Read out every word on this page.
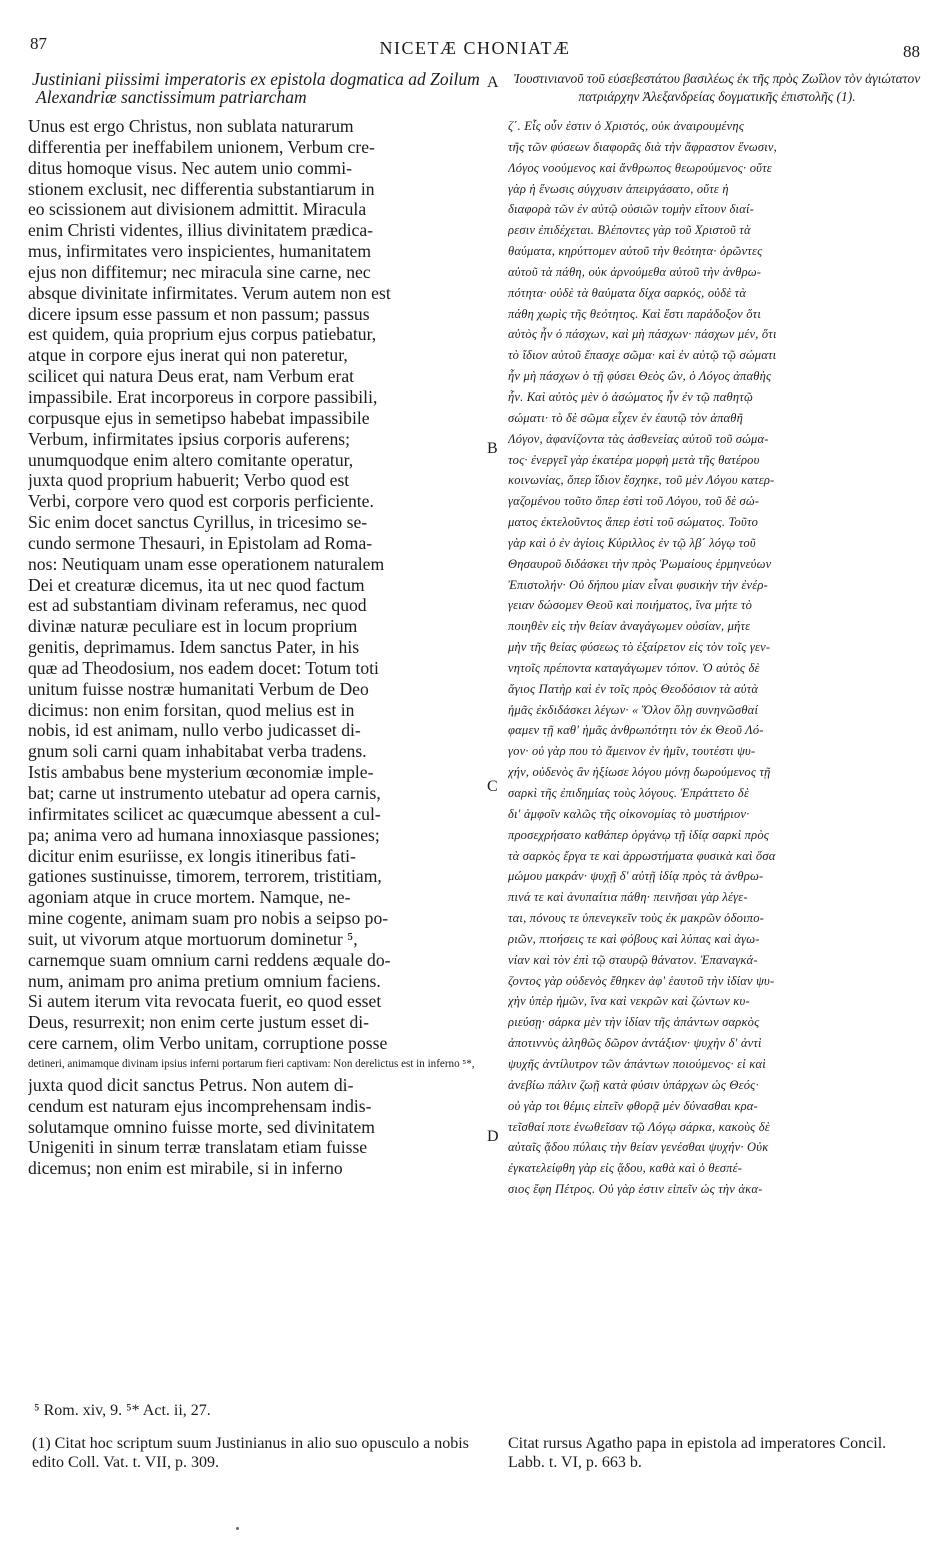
87	NICETÆ CHONIATÆ	88
Justiniani piissimi imperatoris ex epistola dogmatica ad Zoilum Alexandriæ sanctissimum patriarcham
Unus est ergo Christus, non sublata naturarum
differentia per ineffabilem unionem, Verbum cre-
ditus homoque visus. Nec autem unio commi-
stionem exclusit, nec differentia substantiarum in
eo scissionem aut divisionem admittit. Miracula
enim Christi videntes, illius divinitatem prædica-
mus, infirmitates vero inspicientes, humanitatem
ejus non diffitemur; nec miracula sine carne, nec
absque divinitate infirmitates. Verum autem non est
dicere ipsum esse passum et non passum; passus
est quidem, quia proprium ejus corpus patiebatur,
atque in corpore ejus inerat qui non pateretur,
scilicet qui natura Deus erat, nam Verbum erat
impassibile. Erat incorporeus in corpore passibili,
corpusque ejus in semetipso habebat impassibile
Verbum, infirmitates ipsius corporis auferens;
unumquodque enim altero comitante operatur,
juxta quod proprium habuerit; Verbo quod est
Verbi, corpore vero quod est corporis perficiente.
Sic enim docet sanctus Cyrillus, in tricesimo se-
cundo sermone Thesauri, in Epistolam ad Roma-
nos: Neutiquam unam esse operationem naturalem
Dei et creaturæ dicemus, ita ut nec quod factum
est ad substantiam divinam referamus, nec quod
divinæ naturæ peculiare est in locum proprium
genitis, deprimamus. Idem sanctus Pater, in his
quæ ad Theodosium, nos eadem docet: Totum toti
unitum fuisse nostræ humanitati Verbum de Deo
dicimus: non enim forsitan, quod melius est in
nobis, id est animam, nullo verbo judicasset di-
gnum soli carni quam inhabitabat verba tradens.
Istis ambabus bene mysterium œconomiæ imple-
bat; carne ut instrumento utebatur ad opera carnis,
infirmitates scilicet ac quæcumque abessent a cul-
pa; anima vero ad humana innoxiasque passiones;
dicitur enim esuriisse, ex longis itineribus fati-
gationes sustinuisse, timorem, terrorem, tristitiam,
agoniam atque in cruce mortem. Namque, ne-
mine cogente, animam suam pro nobis a seipso po-
suit, ut vivorum atque mortuorum dominetur ⁵,
carnemque suam omnium carni reddens æquale do-
num, animam pro anima pretium omnium faciens.
Si autem iterum vita revocata fuerit, eo quod esset
Deus, resurrexit; non enim certe justum esset di-
cere carnem, olim Verbo unitam, corruptione posse
detineri, animamque divinam ipsius inferni portarum fieri captivam: Non derelictus est in inferno ⁵*,
juxta quod dicit sanctus Petrus. Non autem di-
cendum est naturam ejus incomprehensam indis-
solutamque omnino fuisse morte, sed divinitatem
Unigeniti in sinum terræ translatam etiam fuisse
dicemus; non enim est mirabile, si in inferno
Ἰουστινιανοῦ τοῦ εὐσεβεστάτου βασιλέως ἐκ τῆς πρὸς Ζωΐλον τὸν ἁγιώτατον πατριάρχην Ἀλεξανδρείας δογματικῆς ἐπιστολῆς (1).
ζ΄. Εἷς οὖν ἐστιν ὁ Χριστός, οὐκ ἀναιρουμένης
τῆς τῶν φύσεων διαφορᾶς διὰ τὴν ἄφραστον ἕνωσιν,
Λόγος νοούμενος καὶ ἄνθρωπος θεωρούμενος· οὔτε
γὰρ ἡ ἕνωσις σύγχυσιν ἀπειργάσατο, οὔτε ἡ
διαφορὰ τῶν ἐν αὐτῷ οὐσιῶν τομὴν εἴτουν διαί-
ρεσιν ἐπιδέχεται. Βλέποντες γὰρ τοῦ Χριστοῦ τὰ
θαύματα, κηρύττομεν αὐτοῦ τὴν θεότητα· ὁρῶντες
αὐτοῦ τὰ πάθη, οὐκ ἀρνούμεθα αὐτοῦ τὴν ἀνθρω-
πότητα· οὐδὲ τὰ θαύματα δίχα σαρκός, οὐδὲ τὰ
πάθη χωρὶς τῆς θεότητος. Καὶ ἔστι παράδοξον ὅτι
αὐτὸς ἦν ὁ πάσχων, καὶ μὴ πάσχων· πάσχων μέν, ὅτι
τὸ ἴδιον αὐτοῦ ἔπασχε σῶμα· καὶ ἐν αὐτῷ τῷ σώματι
ἦν μὴ πάσχων ὁ τῇ φύσει Θεὸς ὤν, ὁ Λόγος ἀπαθὴς
ἦν. Καὶ αὐτὸς μὲν ὁ ἀσώματος ἦν ἐν τῷ παθητῷ
σώματι· τὸ δὲ σῶμα εἶχεν ἐν ἑαυτῷ τὸν ἀπαθῆ
Λόγον, ἀφανίζοντα τὰς ἀσθενείας αὐτοῦ τοῦ σώμα-
τος· ἐνεργεῖ γὰρ ἑκατέρα μορφὴ μετὰ τῆς θατέρου
κοινωνίας, ὅπερ ἴδιον ἔσχηκε, τοῦ μὲν Λόγου κατερ-
γαζομένου τοῦτο ὅπερ ἐστὶ τοῦ Λόγου, τοῦ δὲ σώ-
ματος ἐκτελοῦντος ἅπερ ἐστὶ τοῦ σώματος. Τοῦτο
γὰρ καὶ ὁ ἐν ἁγίοις Κύριλλος ἐν τῷ λβ΄ λόγῳ τοῦ
Θησαυροῦ διδάσκει τὴν πρὸς Ῥωμαίους ἑρμηνεύων
Ἐπιστολήν· Οὐ δήπου μίαν εἶναι φυσικὴν τὴν ἐνέρ-
γειαν δώσομεν Θεοῦ καὶ ποιήματος, ἵνα μήτε τὸ
ποιηθὲν εἰς τὴν θείαν ἀναγάγωμεν οὐσίαν, μήτε
μὴν τῆς θείας φύσεως τὸ ἐξαίρετον εἰς τὸν τοῖς γεν-
νητοῖς πρέποντα καταγάγωμεν τόπον. Ὁ αὐτὸς δὲ
ἅγιος Πατὴρ καὶ ἐν τοῖς πρὸς Θεοδόσιον τὰ αὐτὰ
ἡμᾶς ἐκδιδάσκει λέγων· « Ὅλον ὅλῃ συνηνῶσθαί
φαμεν τῇ καθ' ἡμᾶς ἀνθρωπότητι τὸν ἐκ Θεοῦ Λό-
γον· οὐ γὰρ που τὸ ἄμεινον ἐν ἡμῖν, τουτέστι ψυ-
χήν, οὐδενὸς ἂν ἠξίωσε λόγου μόνῃ δωρούμενος τῇ
σαρκὶ τῆς ἐπιδημίας τοὺς λόγους. Ἐπράττετο δὲ
δι' ἀμφοῖν καλῶς τῆς οἰκονομίας τὸ μυστήριον·
προσεχρήσατο καθάπερ ὀργάνῳ τῇ ἰδίᾳ σαρκὶ πρὸς
τὰ σαρκὸς ἔργα τε καὶ ἀρρωστήματα φυσικὰ καὶ ὅσα
μώμου μακράν· ψυχῇ δ' αὐτῇ ἰδίᾳ πρὸς τὰ ἀνθρω-
πινά τε καὶ ἀνυπαίτια πάθη· πεινῆσαι γὰρ λέγε-
ται, πόνους τε ὑπενεγκεῖν τοὺς ἐκ μακρῶν ὁδοιπο-
ριῶν, πτοήσεις τε καὶ φόβους καὶ λύπας καὶ ἀγω-
νίαν καὶ τὸν ἐπὶ τῷ σταυρῷ θάνατον. Ἐπαναγκά-
ζοντος γὰρ οὐδενὸς ἔθηκεν ἀφ' ἑαυτοῦ τὴν ἰδίαν ψυ-
χὴν ὑπὲρ ἡμῶν, ἵνα καὶ νεκρῶν καὶ ζώντων κυ-
ριεύσῃ· σάρκα μὲν τὴν ἰδίαν τῆς ἁπάντων σαρκὸς
ἀποτιννὺς ἀληθῶς δῶρον ἀντάξιον· ψυχὴν δ' ἀντὶ
ψυχῆς ἀντίλυτρον τῶν ἁπάντων ποιούμενος· εἰ καὶ
ἀνεβίω πάλιν ζωῇ κατὰ φύσιν ὑπάρχων ὡς Θεός·
οὐ γὰρ τοι θέμις εἰπεῖν φθορᾷ μὲν δύνασθαι κρα-
τεῖσθαί ποτε ἑνωθεῖσαν τῷ Λόγῳ σάρκα, κακοὺς δὲ
αὐταῖς ᾅδου πύλαις τὴν θείαν γενέσθαι ψυχήν· Οὐκ
ἐγκατελείφθη γὰρ εἰς ᾅδου, καθὰ καὶ ὁ θεσπέ-
σιος ἔφη Πέτρος. Οὐ γὰρ ἐστιν εἰπεῖν ὡς τὴν ἀκα-
A
B
C
D
⁵ Rom. xiv, 9. ⁵* Act. ii, 27.
(1) Citat hoc scriptum suum Justinianus in alio suo opusculo a nobis edito Coll. Vat. t. VII, p. 309.
Citat rursus Agatho papa in epistola ad imperatores Concil. Labb. t. VI, p. 663 b.
